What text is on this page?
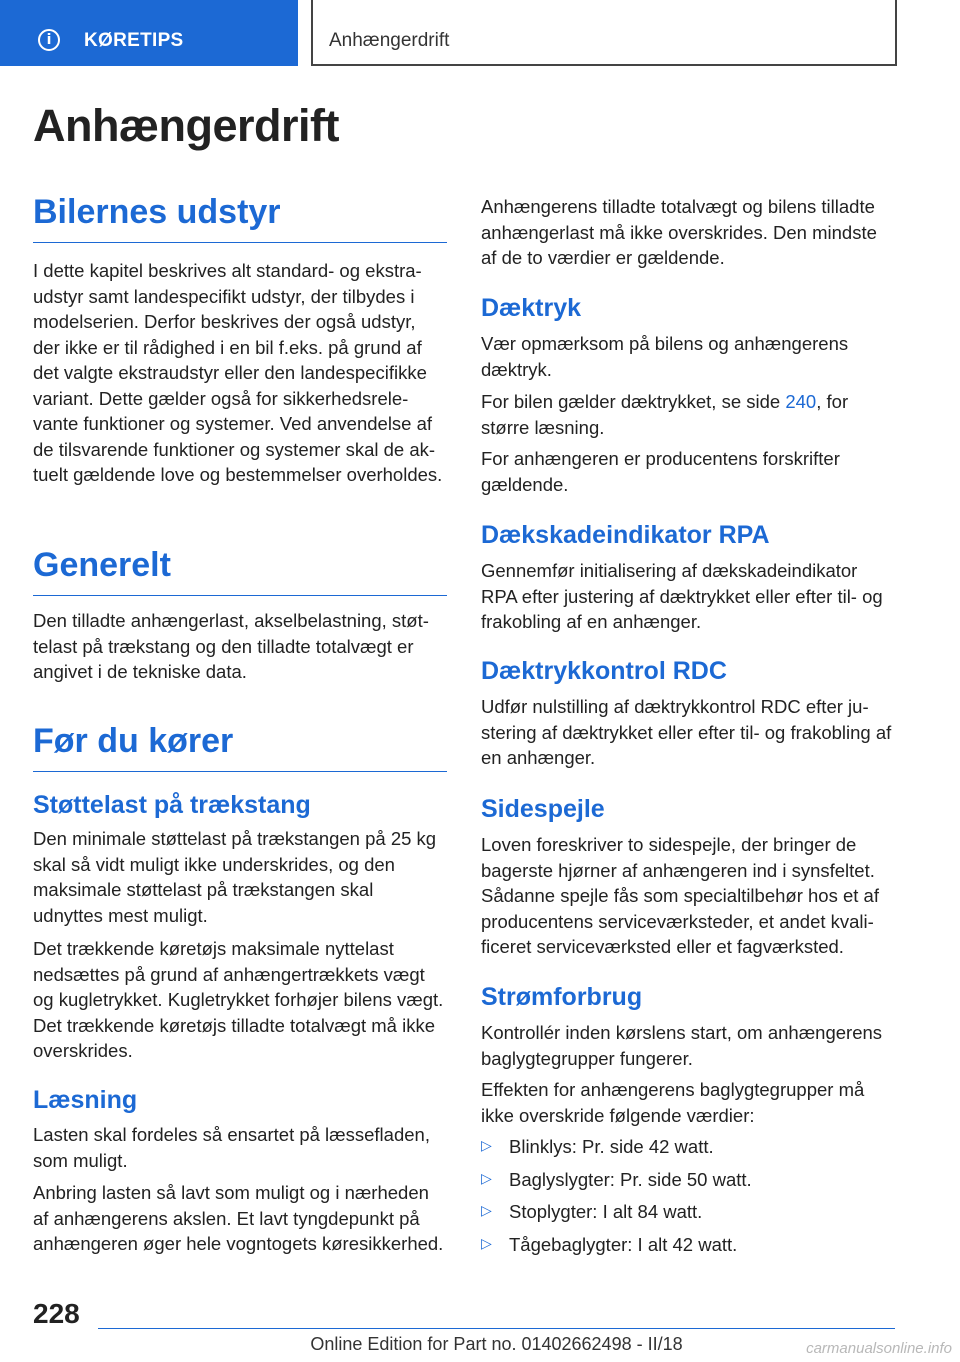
i	KØRETIPS	Anhængerdrift
Anhængerdrift
Bilernes udstyr

I dette kapitel beskrives alt standard- og ekstraudstyr samt landespecifikt udstyr, der tilbydes i modelserien. Derfor beskrives der også udstyr, der ikke er til rådighed i en bil f.eks. på grund af det valgte ekstraudstyr eller den landespecifikke variant. Dette gælder også for sikkerhedsrelevante funktioner og systemer. Ved anvendelse af de tilsvarende funktioner og systemer skal de aktuelt gældende love og bestemmelser overholdes.

Generelt

Den tilladte anhængerlast, akselbelastning, støttelast på trækstang og den tilladte totalvægt er angivet i de tekniske data.

Før du kører
Støttelast på trækstang

Den minimale støttelast på trækstangen på 25 kg skal så vidt muligt ikke underskrides, og den maksimale støttelast på trækstangen skal udnyttes mest muligt.

Det trækkende køretøjs maksimale nyttelast nedsættes på grund af anhængertrækkets vægt og kugletrykket. Kugletrykket forhøjer bilens vægt. Det trækkende køretøjs tilladte totalvægt må ikke overskrides.

Læsning

Lasten skal fordeles så ensartet på læssefladen, som muligt.

Anbring lasten så lavt som muligt og i nærheden af anhængerens akslen. Et lavt tyngdepunkt på anhængeren øger hele vogntogets køresikkerhed.

Anhængerens tilladte totalvægt og bilens tilladte anhængerlast må ikke overskrides. Den mindste af de to værdier er gældende.

Dæktryk

Vær opmærksom på bilens og anhængerens dæktryk.

For bilen gælder dæktrykket, se side 240, for større læsning.

For anhængeren er producentens forskrifter gældende.

Dækskadeindikator RPA

Gennemfør initialisering af dækskadeindikator RPA efter justering af dæktrykket eller efter til- og frakobling af en anhænger.

Dæktrykkontrol RDC

Udfør nulstilling af dæktrykkontrol RDC efter justering af dæktrykket eller efter til- og frakobling af en anhænger.

Sidespejle

Loven foreskriver to sidespejle, der bringer de bagerste hjørner af anhængeren ind i synsfeltet. Sådanne spejle fås som specialtilbehør hos et af producentens serviceværksteder, et andet kvalificeret serviceværksted eller et fagværksted.

Strømforbrug

Kontrollér inden kørslens start, om anhængerens baglygtegrupper fungerer.

Effekten for anhængerens baglygtegrupper må ikke overskride følgende værdier:

▷ Blinklys: Pr. side 42 watt.
▷ Baglyslygter: Pr. side 50 watt.
▷ Stoplygter: I alt 84 watt.
▷ Tågebaglygter: I alt 42 watt.
228
Online Edition for Part no. 01402662498 - II/18	carmanualsonline.info
